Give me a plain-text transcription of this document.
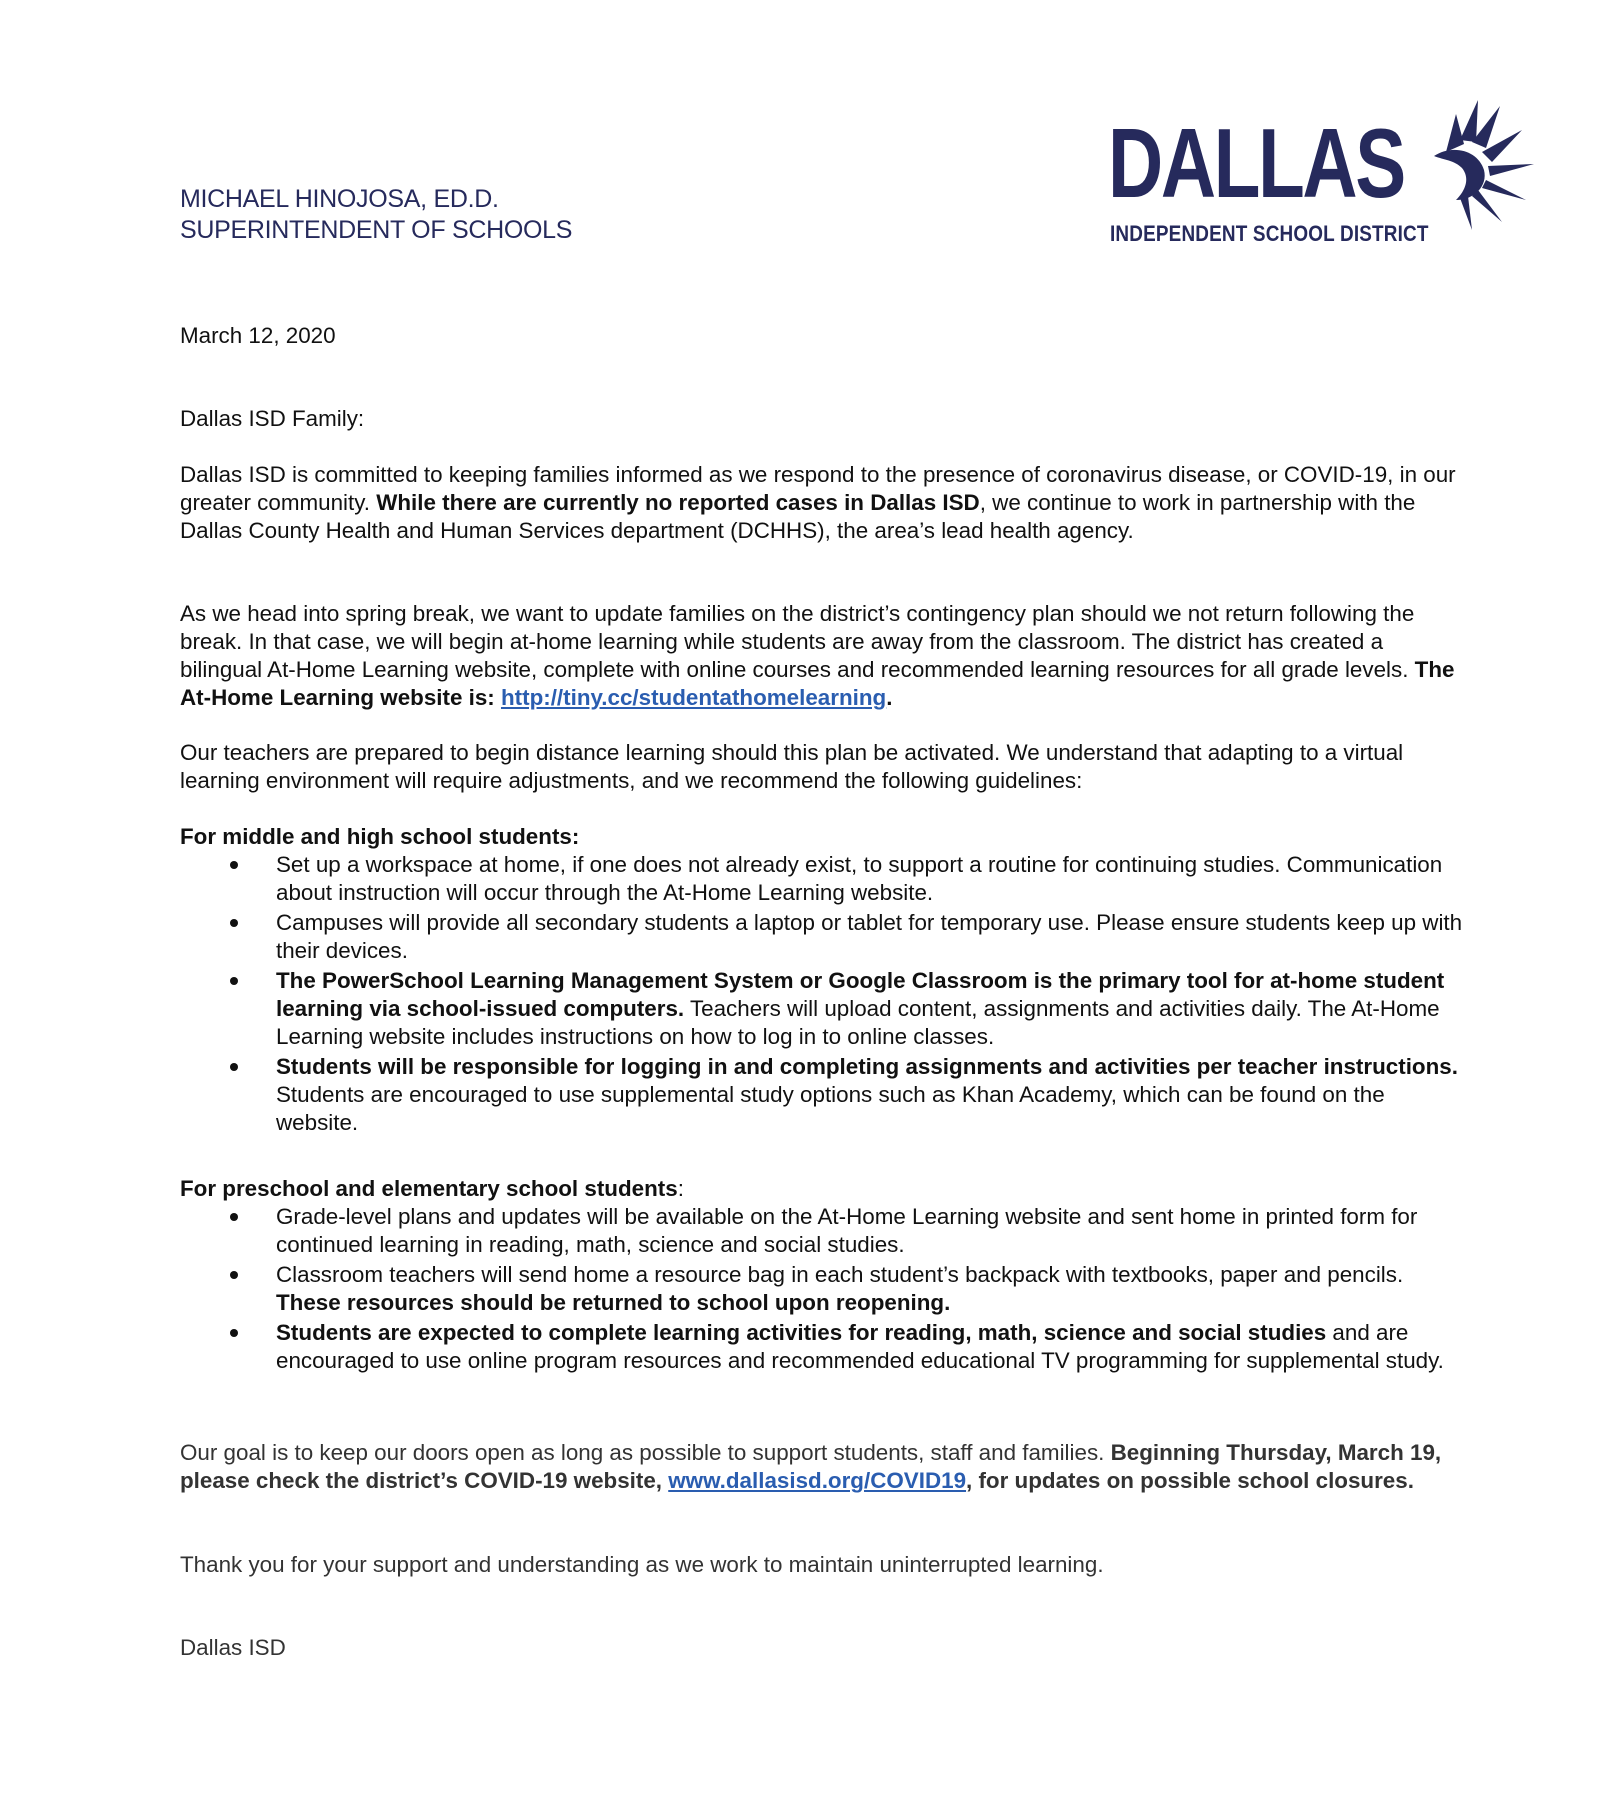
MICHAEL HINOJOSA, ED.D.
SUPERINTENDENT OF SCHOOLS
DALLAS
INDEPENDENT SCHOOL DISTRICT
March 12, 2020
Dallas ISD Family:

Dallas ISD is committed to keeping families informed as we respond to the presence of coronavirus disease, or COVID-19, in our greater community. While there are currently no reported cases in Dallas ISD, we continue to work in partnership with the Dallas County Health and Human Services department (DCHHS), the area’s lead health agency.

As we head into spring break, we want to update families on the district’s contingency plan should we not return following the break. In that case, we will begin at-home learning while students are away from the classroom. The district has created a bilingual At-Home Learning website, complete with online courses and recommended learning resources for all grade levels. The At-Home Learning website is: http://tiny.cc/studentathomelearning.

Our teachers are prepared to begin distance learning should this plan be activated. We understand that adapting to a virtual learning environment will require adjustments, and we recommend the following guidelines:

For middle and high school students:

Set up a workspace at home, if one does not already exist, to support a routine for continuing studies. Communication about instruction will occur through the At-Home Learning website.
Campuses will provide all secondary students a laptop or tablet for temporary use. Please ensure students keep up with their devices.
The PowerSchool Learning Management System or Google Classroom is the primary tool for at-home student learning via school-issued computers. Teachers will upload content, assignments and activities daily. The At-Home Learning website includes instructions on how to log in to online classes.
Students will be responsible for logging in and completing assignments and activities per teacher instructions. Students are encouraged to use supplemental study options such as Khan Academy, which can be found on the website.

For preschool and elementary school students:

Grade-level plans and updates will be available on the At-Home Learning website and sent home in printed form for continued learning in reading, math, science and social studies.
Classroom teachers will send home a resource bag in each student’s backpack with textbooks, paper and pencils. These resources should be returned to school upon reopening.
Students are expected to complete learning activities for reading, math, science and social studies and are encouraged to use online program resources and recommended educational TV programming for supplemental study.

Our goal is to keep our doors open as long as possible to support students, staff and families. Beginning Thursday, March 19, please check the district’s COVID-19 website, www.dallasisd.org/COVID19, for updates on possible school closures.

Thank you for your support and understanding as we work to maintain uninterrupted learning.
Dallas ISD
